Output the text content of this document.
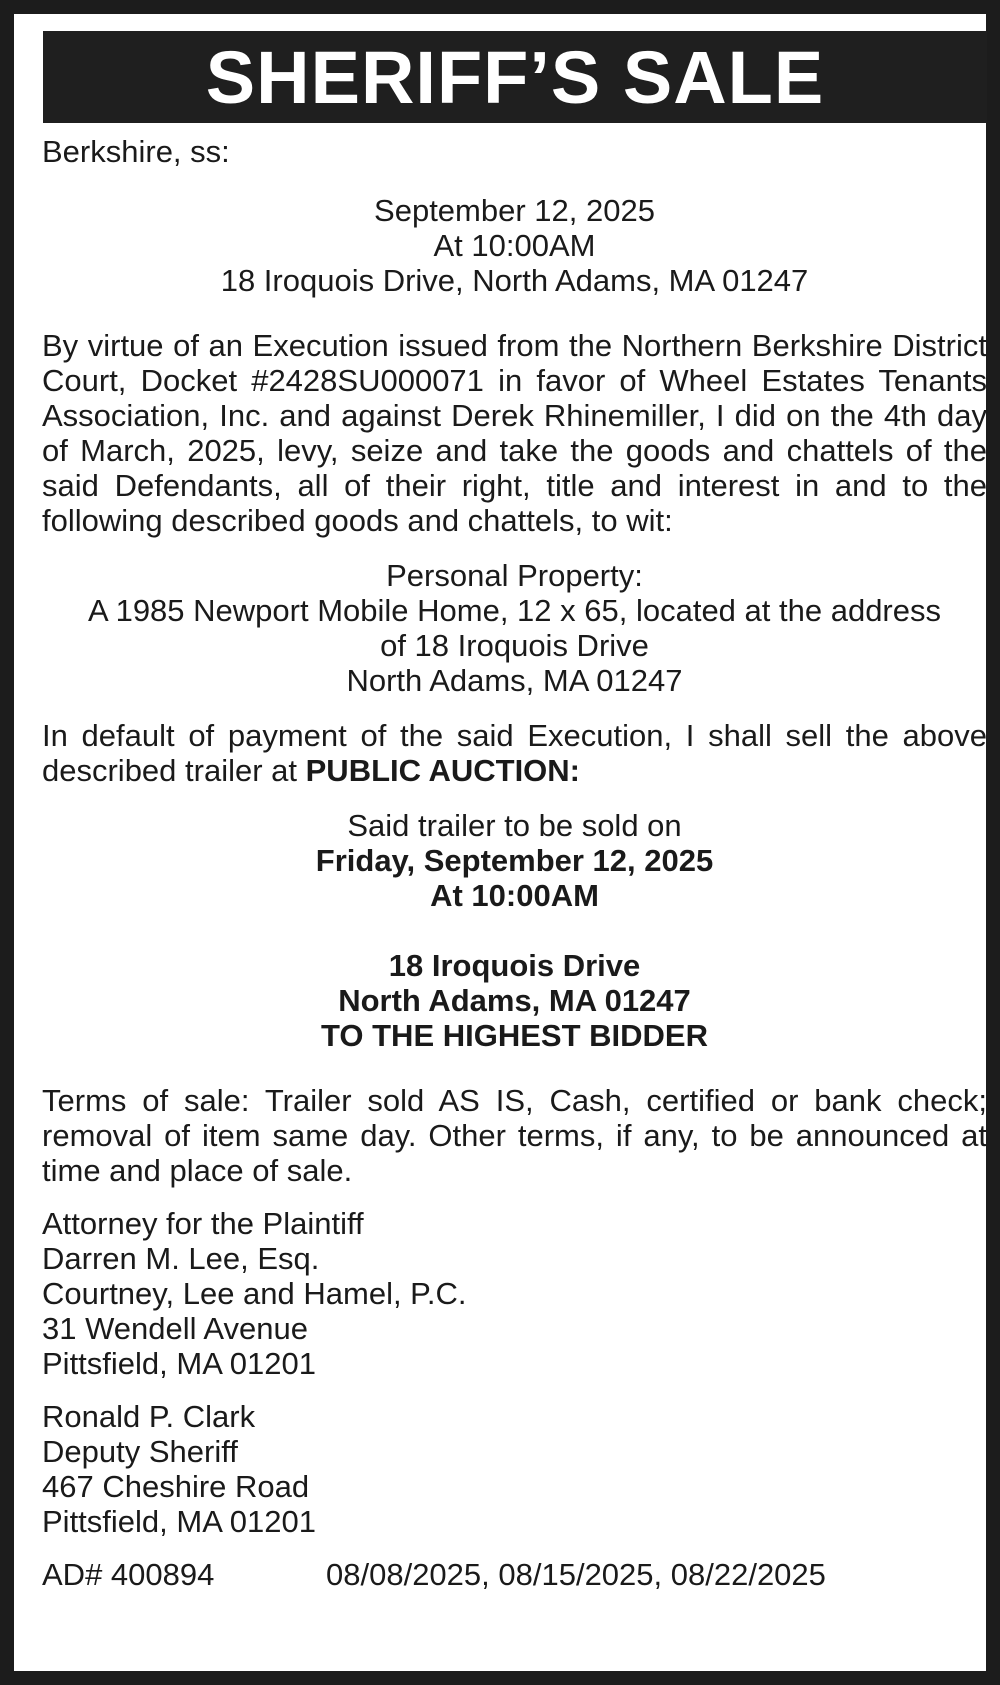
SHERIFF’S SALE

Berkshire, ss:

September 12, 2025

At 10:00AM

18 Iroquois Drive, North Adams, MA 01247

By virtue of an Execution issued from the Northern Berkshire District Court, Docket #2428SU000071 in favor of Wheel Estates Tenants Association, Inc. and against Derek Rhinemiller, I did on the 4th day of March, 2025, levy, seize and take the goods and chattels of the said Defendants, all of their right, title and interest in and to the following described goods and chattels, to wit:

Personal Property:

A 1985 Newport Mobile Home, 12 x 65, located at the address

of 18 Iroquois Drive

North Adams, MA 01247

In default of payment of the said Execution, I shall sell the above described trailer at PUBLIC AUCTION:

Said trailer to be sold on

Friday, September 12, 2025

At 10:00AM

18 Iroquois Drive

North Adams, MA 01247

TO THE HIGHEST BIDDER

Terms of sale: Trailer sold AS IS, Cash, certified or bank check; removal of item same day. Other terms, if any, to be announced at time and place of sale.

Attorney for the Plaintiff

Darren M. Lee, Esq.

Courtney, Lee and Hamel, P.C.

31 Wendell Avenue

Pittsfield, MA 01201

Ronald P. Clark

Deputy Sheriff

467 Cheshire Road

Pittsfield, MA 01201

AD# 400894	08/08/2025, 08/15/2025, 08/22/2025
